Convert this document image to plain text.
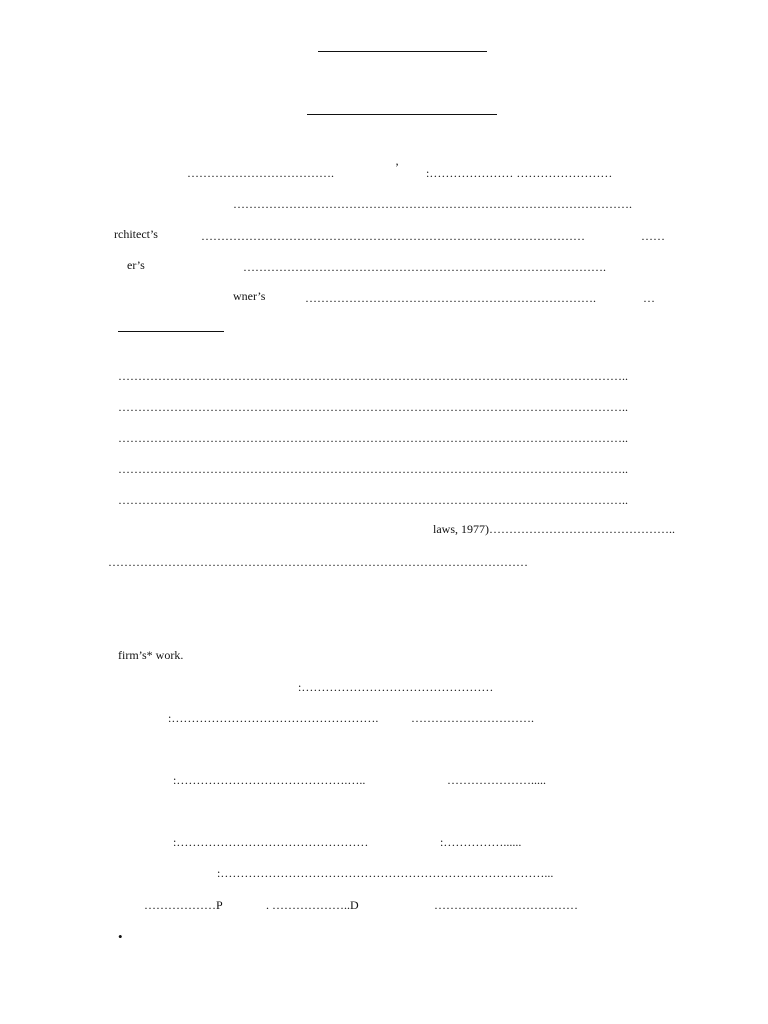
……………………………….	’ :………………… ……………………
……………………………………………………………………………………….
rchitect’s	……………………………………………………………………………………	……
er’s	……………………………………………………………………………….
wner’s	……………………………………………………………….	…
………………………………………………………………………………………………………………..
………………………………………………………………………………………………………………..
………………………………………………………………………………………………………………..
………………………………………………………………………………………………………………..
………………………………………………………………………………………………………………..
laws, 1977)………………………………………..
……………………………………………………………………………………………
firm’s* work.
:…………………………………………
:…………………………………………….	………………………….
:…………………………………….…..	………………….....
:…………………………………………	:……………......
:………………………………………………………………………...
………………P	. ………………..D	………………………………
•
